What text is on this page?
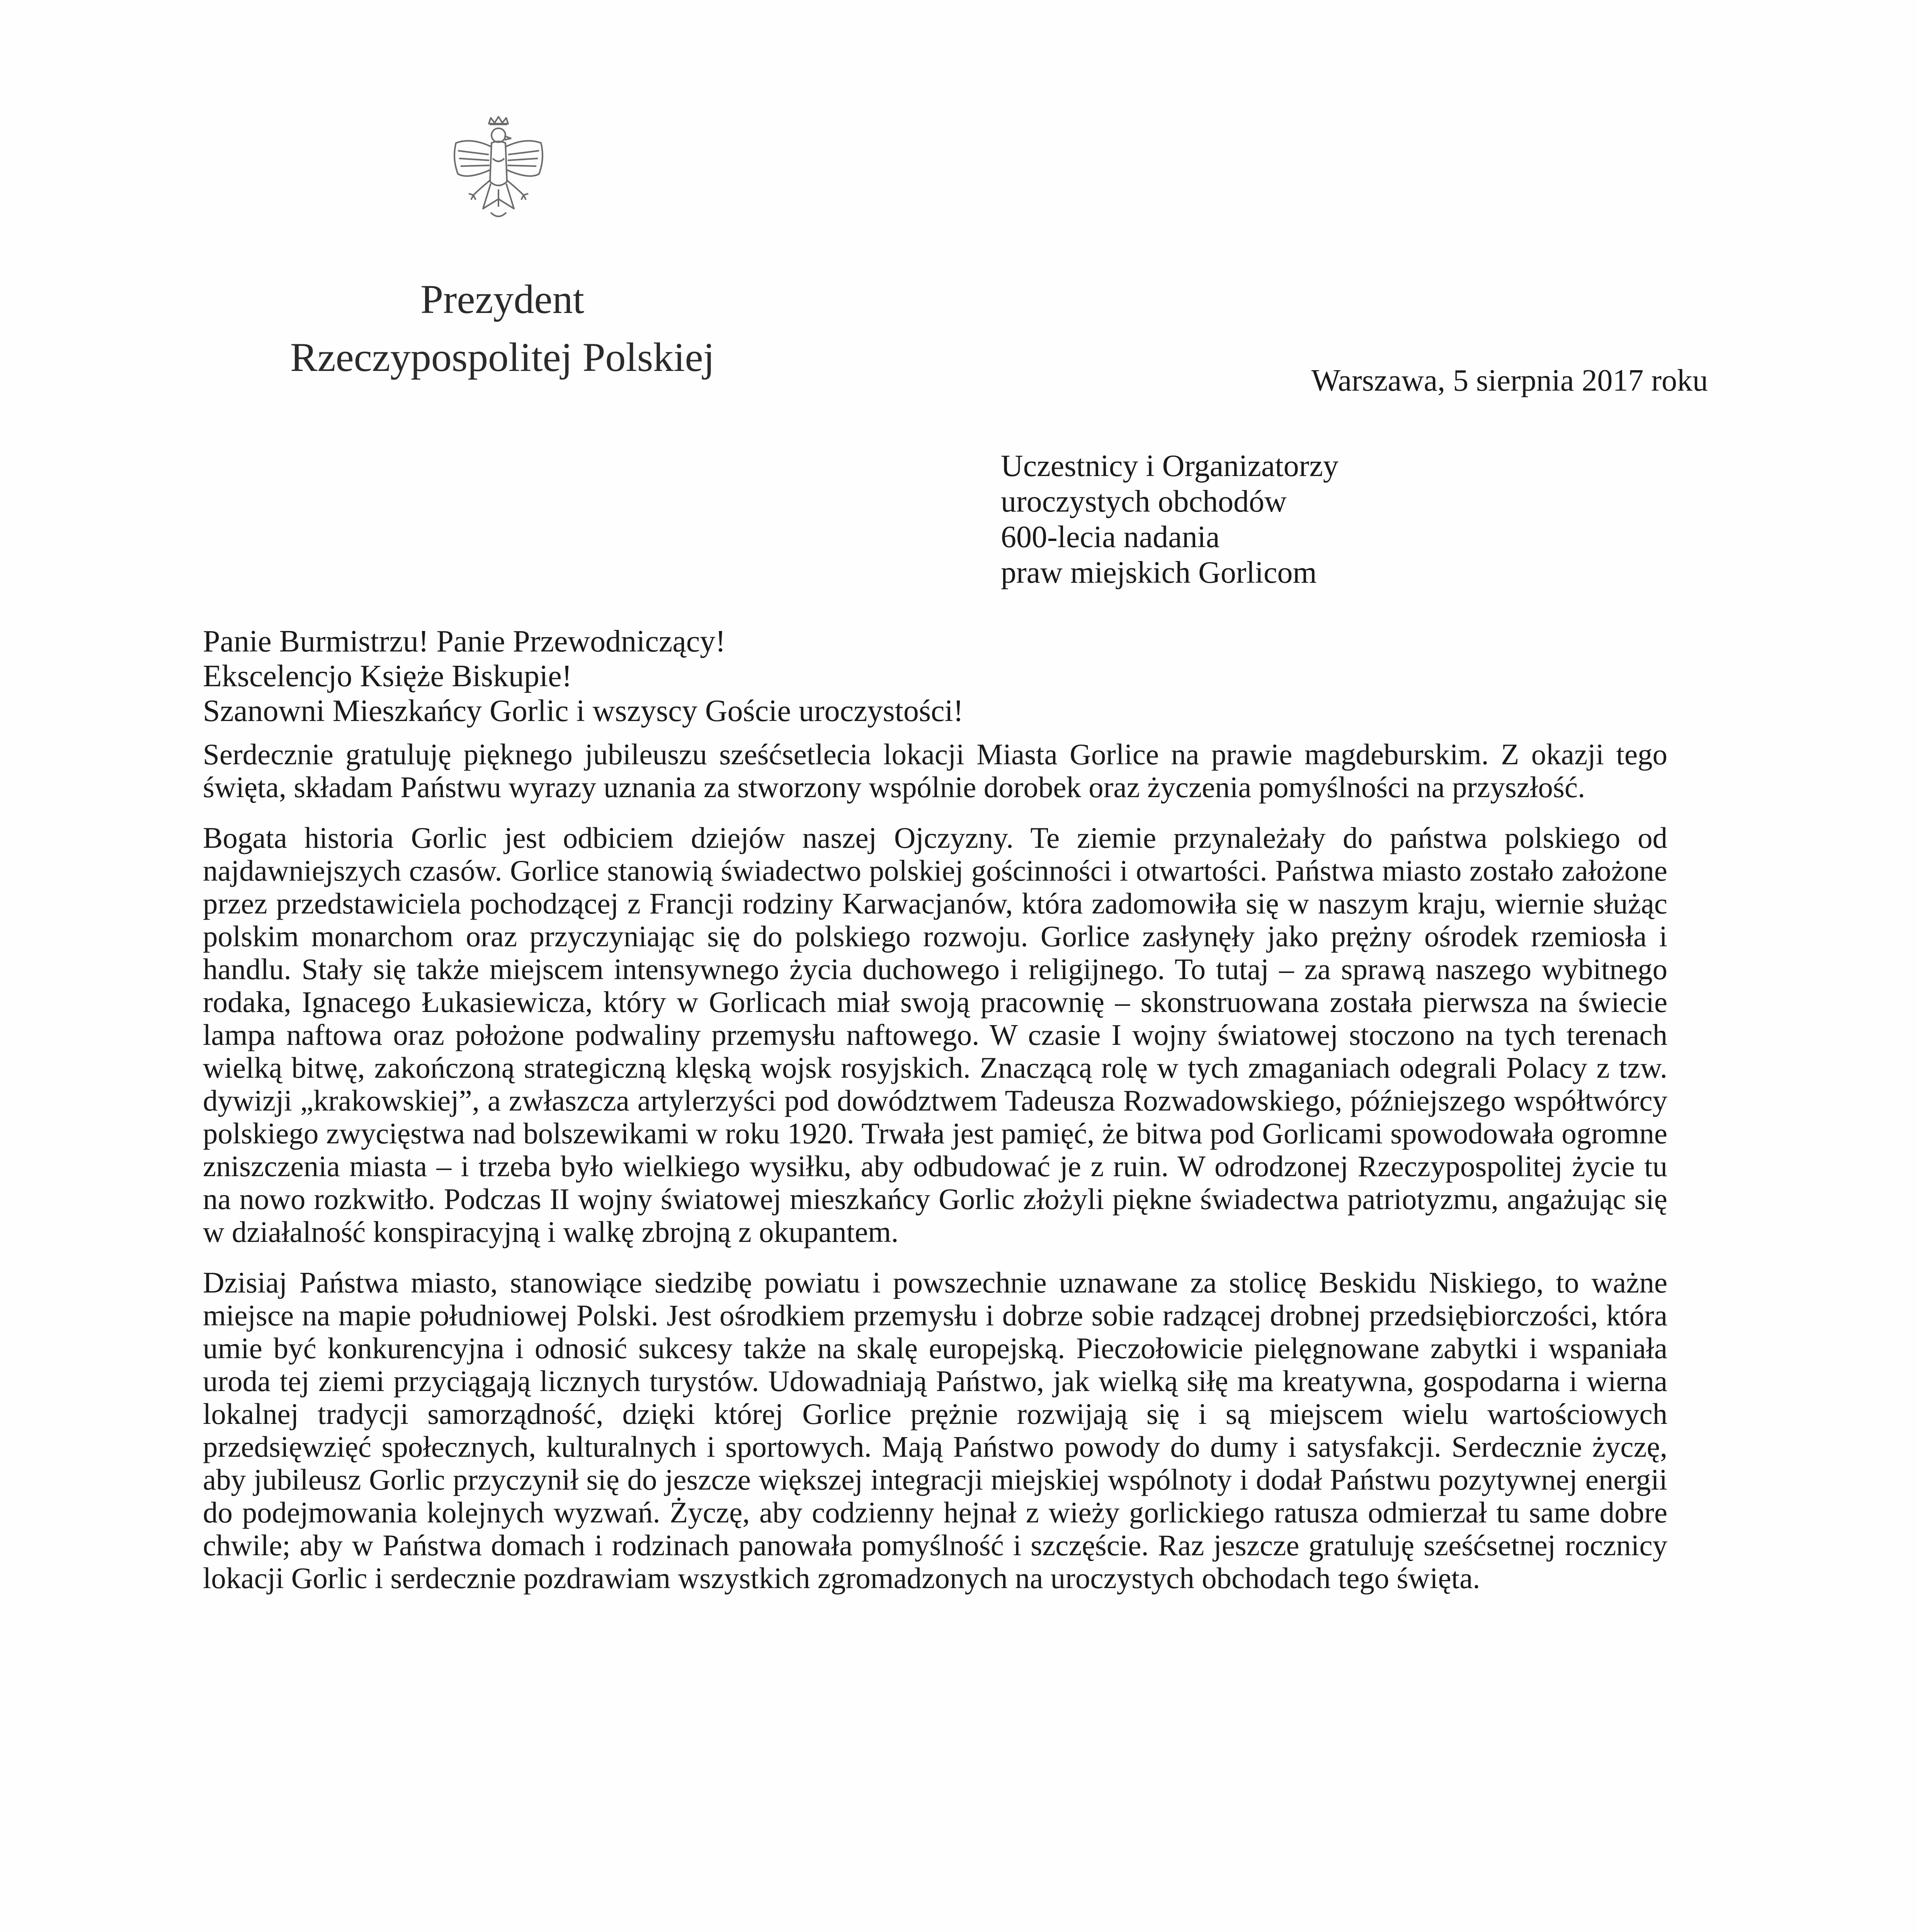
Prezydent
Rzeczypospolitej Polskiej
Warszawa, 5 sierpnia 2017 roku
Uczestnicy i Organizatorzy
uroczystych obchodów
600-lecia nadania
praw miejskich Gorlicom
Panie Burmistrzu! Panie Przewodniczący!
Ekscelencjo Księże Biskupie!
Szanowni Mieszkańcy Gorlic i wszyscy Goście uroczystości!

Serdecznie gratuluję pięknego jubileuszu sześćsetlecia lokacji Miasta Gorlice na prawie magdeburskim. Z okazji tego święta, składam Państwu wyrazy uznania za stworzony wspólnie dorobek oraz życzenia pomyślności na przyszłość.

Bogata historia Gorlic jest odbiciem dziejów naszej Ojczyzny. Te ziemie przynależały do państwa polskiego od najdawniejszych czasów. Gorlice stanowią świadectwo polskiej gościnności i otwartości. Państwa miasto zostało założone przez przedstawiciela pochodzącej z Francji rodziny Karwacjanów, która zadomowiła się w naszym kraju, wiernie służąc polskim monarchom oraz przyczyniając się do polskiego rozwoju. Gorlice zasłynęły jako prężny ośrodek rzemiosła i handlu. Stały się także miejscem intensywnego życia duchowego i religijnego. To tutaj – za sprawą naszego wybitnego rodaka, Ignacego Łukasiewicza, który w Gorlicach miał swoją pracownię – skonstruowana została pierwsza na świecie lampa naftowa oraz położone podwaliny przemysłu naftowego. W czasie I wojny światowej stoczono na tych terenach wielką bitwę, zakończoną strategiczną klęską wojsk rosyjskich. Znaczącą rolę w tych zmaganiach odegrali Polacy z tzw. dywizji „krakowskiej”, a zwłaszcza artylerzyści pod dowództwem Tadeusza Rozwadowskiego, późniejszego współtwórcy polskiego zwycięstwa nad bolszewikami w roku 1920. Trwała jest pamięć, że bitwa pod Gorlicami spowodowała ogromne zniszczenia miasta – i trzeba było wielkiego wysiłku, aby odbudować je z ruin. W odrodzonej Rzeczypospolitej życie tu na nowo rozkwitło. Podczas II wojny światowej mieszkańcy Gorlic złożyli piękne świadectwa patriotyzmu, angażując się w działalność konspiracyjną i walkę zbrojną z okupantem.

Dzisiaj Państwa miasto, stanowiące siedzibę powiatu i powszechnie uznawane za stolicę Beskidu Niskiego, to ważne miejsce na mapie południowej Polski. Jest ośrodkiem przemysłu i dobrze sobie radzącej drobnej przedsiębiorczości, która umie być konkurencyjna i odnosić sukcesy także na skalę europejską. Pieczołowicie pielęgnowane zabytki i wspaniała uroda tej ziemi przyciągają licznych turystów. Udowadniają Państwo, jak wielką siłę ma kreatywna, gospodarna i wierna lokalnej tradycji samorządność, dzięki której Gorlice prężnie rozwijają się i są miejscem wielu wartościowych przedsięwzięć społecznych, kulturalnych i sportowych. Mają Państwo powody do dumy i satysfakcji. Serdecznie życzę, aby jubileusz Gorlic przyczynił się do jeszcze większej integracji miejskiej wspólnoty i dodał Państwu pozytywnej energii do podejmowania kolejnych wyzwań. Życzę, aby codzienny hejnał z wieży gorlickiego ratusza odmierzał tu same dobre chwile; aby w Państwa domach i rodzinach panowała pomyślność i szczęście. Raz jeszcze gratuluję sześćsetnej rocznicy lokacji Gorlic i serdecznie pozdrawiam wszystkich zgromadzonych na uroczystych obchodach tego święta.
